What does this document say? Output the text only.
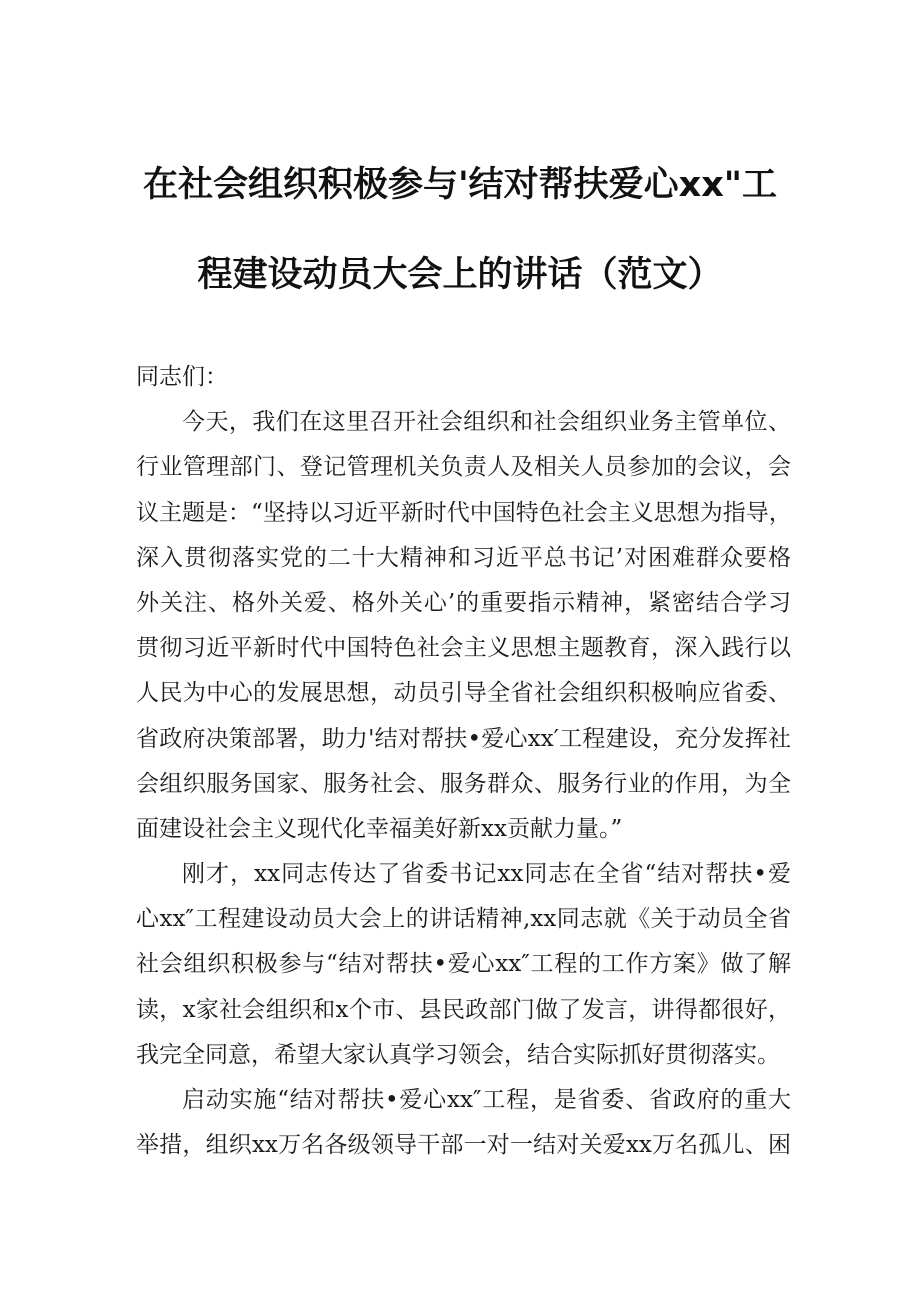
在社会组织积极参与'结对帮扶爱心xx"工
程建设动员大会上的讲话（范文）
同志们：
今天，我们在这里召开社会组织和社会组织业务主管单位、
行业管理部门、登记管理机关负责人及相关人员参加的会议，会
议主题是：“坚持以习近平新时代中国特色社会主义思想为指导，
深入贯彻落实党的二十大精神和习近平总书记’对困难群众要格
外关注、格外关爱、格外关心’的重要指示精神，紧密结合学习
贯彻习近平新时代中国特色社会主义思想主题教育，深入践行以
人民为中心的发展思想，动员引导全省社会组织积极响应省委、
省政府决策部署，助力'结对帮扶•爱心xx′工程建设，充分发挥社
会组织服务国家、服务社会、服务群众、服务行业的作用，为全
面建设社会主义现代化幸福美好新xx贡献力量。”
刚才，xx同志传达了省委书记xx同志在全省“结对帮扶•爱
心xx″工程建设动员大会上的讲话精神,xx同志就《关于动员全省
社会组织积极参与“结对帮扶•爱心xx″工程的工作方案》做了解
读，x家社会组织和x个市、县民政部门做了发言，讲得都很好，
我完全同意，希望大家认真学习领会，结合实际抓好贯彻落实。
启动实施“结对帮扶•爱心xx″工程，是省委、省政府的重大
举措，组织xx万名各级领导干部一对一结对关爱xx万名孤儿、困
